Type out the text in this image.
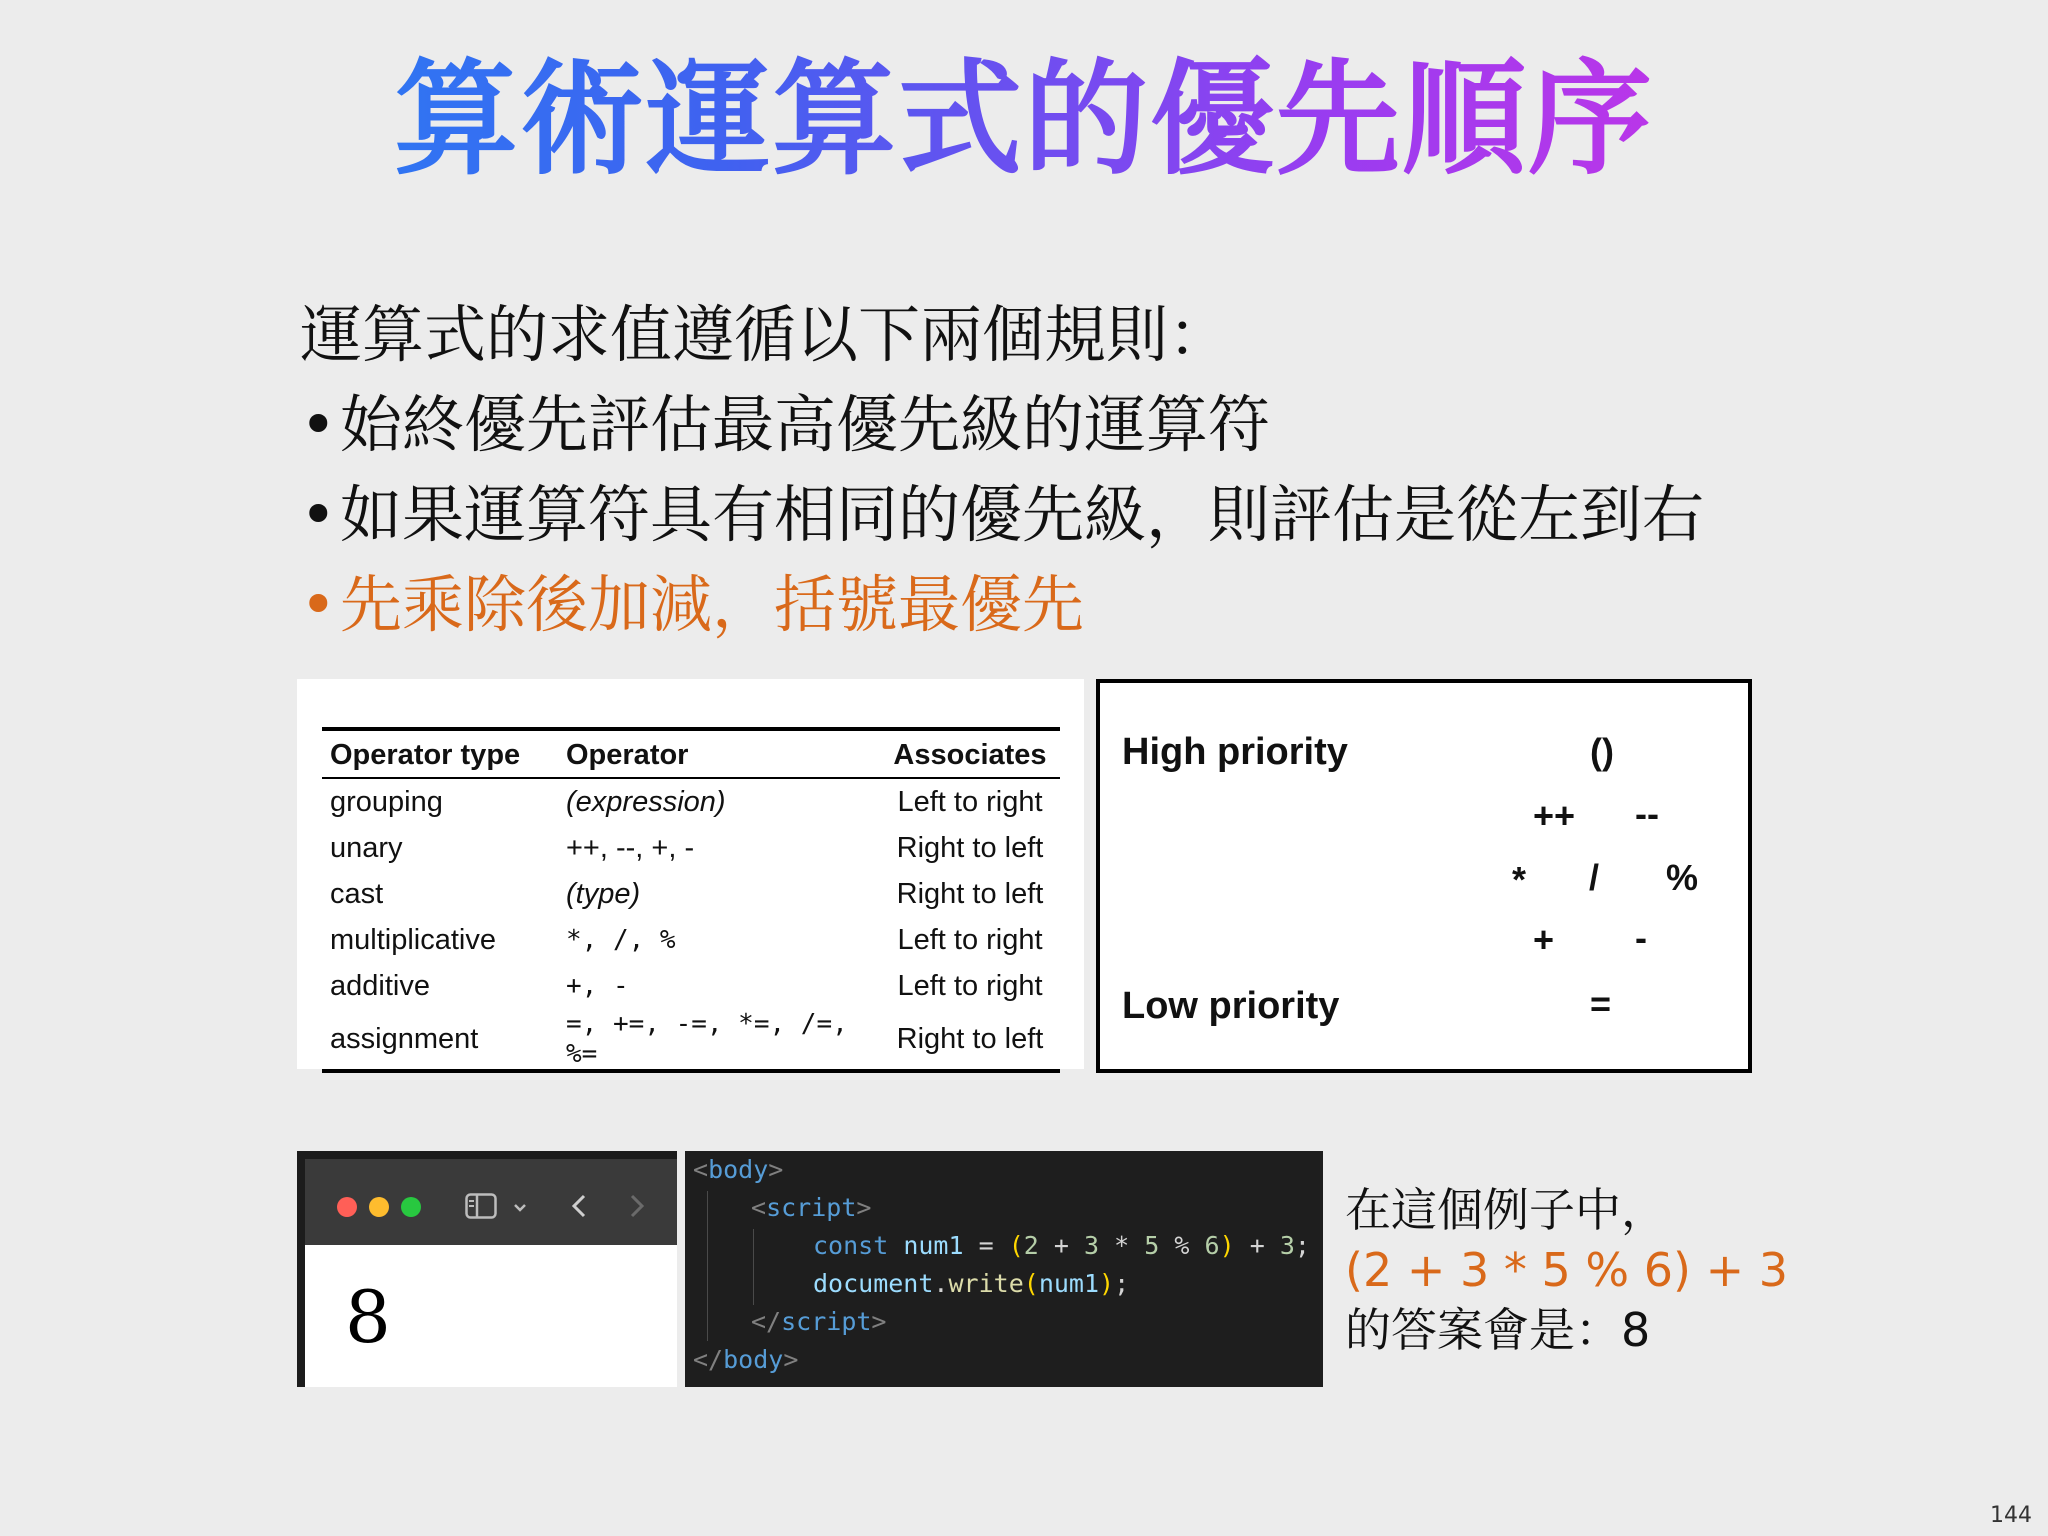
算術運算式的優先順序
運算式的求值遵循以下兩個規則：
•始終優先評估最高優先級的運算符
•如果運算符具有相同的優先級，則評估是從左到右
•先乘除後加減，括號最優先
Operator type	Operator	Associates
grouping	(expression)	Left to right
unary	++, --, +, -	Right to left
cast	(type)	Right to left
multiplicative	*, /, %	Left to right
additive	+, -	Left to right
assignment	=, +=, -=, *=, /=, %=	Right to left
High priority	()
++ --
* / %
+ -
Low priority	=
8
<body>
<script>
const num1 = (2 + 3 * 5 % 6) + 3;
document.write(num1);
</script>
</body>
在這個例子中，
(2 + 3 * 5 % 6) + 3
的答案會是：8
144
